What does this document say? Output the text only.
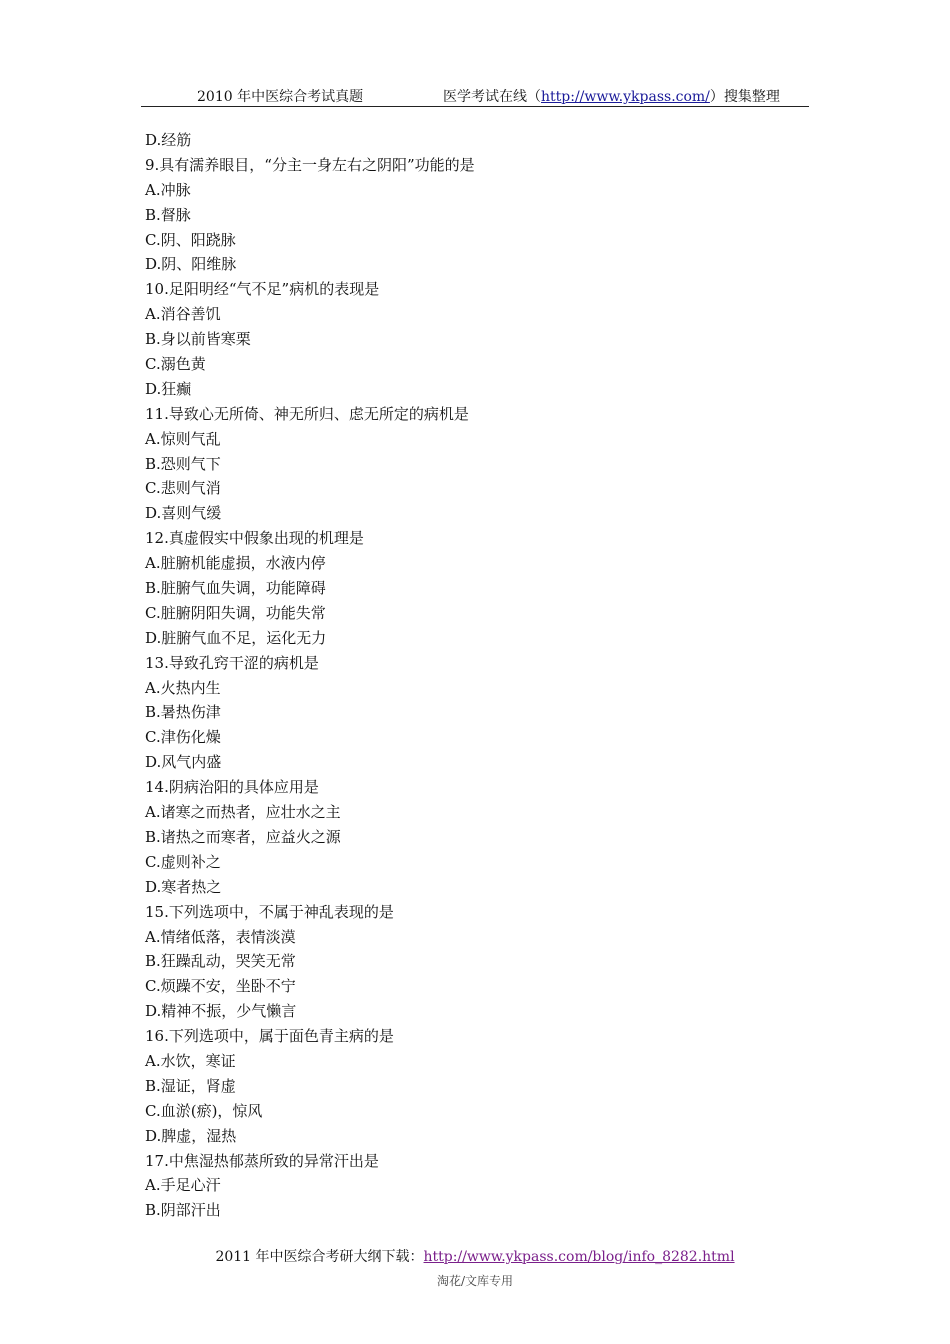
2010 年中医综合考试真题	医学考试在线（http://www.ykpass.com/）搜集整理
D.经筋
9.具有濡养眼目，“分主一身左右之阴阳”功能的是
A.冲脉
B.督脉
C.阴、阳跷脉
D.阴、阳维脉
10.足阳明经“气不足”病机的表现是
A.消谷善饥
B.身以前皆寒栗
C.溺色黄
D.狂癫
11.导致心无所倚、神无所归、虑无所定的病机是
A.惊则气乱
B.恐则气下
C.悲则气消
D.喜则气缓
12.真虚假实中假象出现的机理是
A.脏腑机能虚损，水液内停
B.脏腑气血失调，功能障碍
C.脏腑阴阳失调，功能失常
D.脏腑气血不足，运化无力
13.导致孔窍干涩的病机是
A.火热内生
B.暑热伤津
C.津伤化燥
D.风气内盛
14.阴病治阳的具体应用是
A.诸寒之而热者，应壮水之主
B.诸热之而寒者，应益火之源
C.虚则补之
D.寒者热之
15.下列选项中，不属于神乱表现的是
A.情绪低落，表情淡漠
B.狂躁乱动，哭笑无常
C.烦躁不安，坐卧不宁
D.精神不振，少气懒言
16.下列选项中，属于面色青主病的是
A.水饮，寒证
B.湿证，肾虚
C.血淤(瘀)，惊风
D.脾虚，湿热
17.中焦湿热郁蒸所致的异常汗出是
A.手足心汗
B.阴部汗出
2011 年中医综合考研大纲下载：http://www.ykpass.com/blog/info_8282.html
淘花/文库专用
